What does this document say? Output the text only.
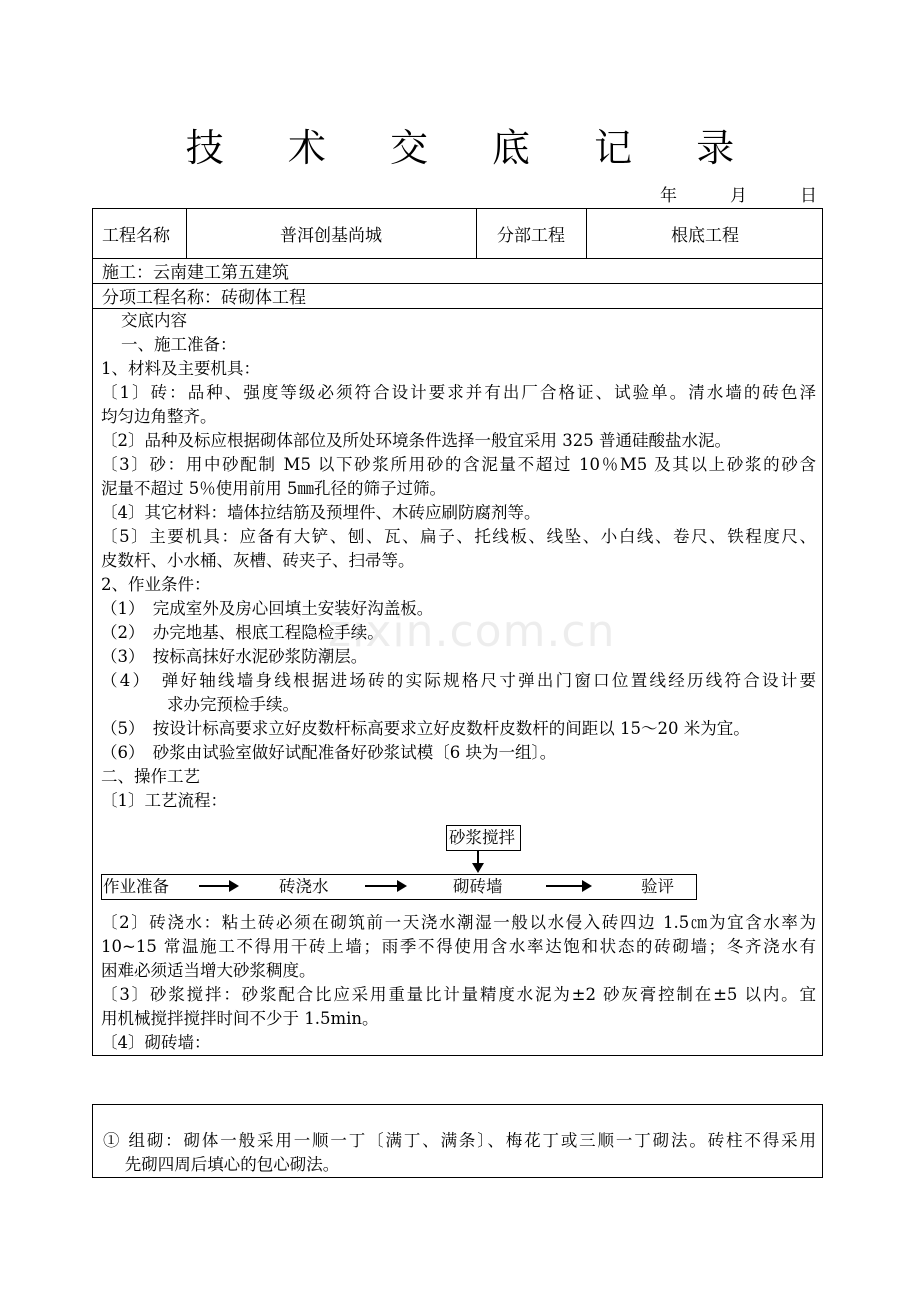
技 术 交 底 记 录
年	月	日
工程名称	普洱创基尚城	分部工程	根底工程
施工：云南建工第五建筑
分项工程名称：砖砌体工程
交底内容
一、施工准备：
1、材料及主要机具：
〔1〕砖：品种、强度等级必须符合设计要求并有出厂合格证、试验单。清水墙的砖色泽
均匀边角整齐。
〔2〕品种及标应根据砌体部位及所处环境条件选择一般宜采用 325 普通硅酸盐水泥。
〔3〕砂：用中砂配制 M5 以下砂浆所用砂的含泥量不超过 10％M5 及其以上砂浆的砂含
泥量不超过 5％使用前用 5㎜孔径的筛子过筛。
〔4〕其它材料：墙体拉结筋及预埋件、木砖应刷防腐剂等。
〔5〕主要机具：应备有大铲、刨、瓦、扁子、托线板、线坠、小白线、卷尺、铁程度尺、
皮数杆、小水桶、灰槽、砖夹子、扫帚等。
2、作业条件：
（1）　完成室外及房心回填土安装好沟盖板。
（2）　办完地基、根底工程隐检手续。
（3）　按标高抹好水泥砂浆防潮层。
（4）　弹好轴线墙身线根据进场砖的实际规格尺寸弹出门窗口位置线经历线符合设计要
　　　　求办完预检手续。
（5）　按设计标高要求立好皮数杆标高要求立好皮数杆皮数杆的间距以 15～20 米为宜。
（6）　砂浆由试验室做好试配准备好砂浆试模〔6 块为一组〕。
二、操作工艺
〔1〕工艺流程：
砂浆搅拌
作业准备	砖浇水	砌砖墙	验评
〔2〕砖浇水：粘土砖必须在砌筑前一天浇水潮湿一般以水侵入砖四边 1.5㎝为宜含水率为
10~15 常温施工不得用干砖上墙；雨季不得使用含水率达饱和状态的砖砌墙；冬齐浇水有
困难必须适当增大砂浆稠度。
〔3〕砂浆搅拌：砂浆配合比应采用重量比计量精度水泥为±2 砂灰膏控制在±5 以内。宜
用机械搅拌搅拌时间不少于 1.5min。
〔4〕砌砖墙：
zixin.com.cn
① 组砌：砌体一般采用一顺一丁〔满丁、满条〕、梅花丁或三顺一丁砌法。砖柱不得采用
　 先砌四周后填心的包心砌法。
